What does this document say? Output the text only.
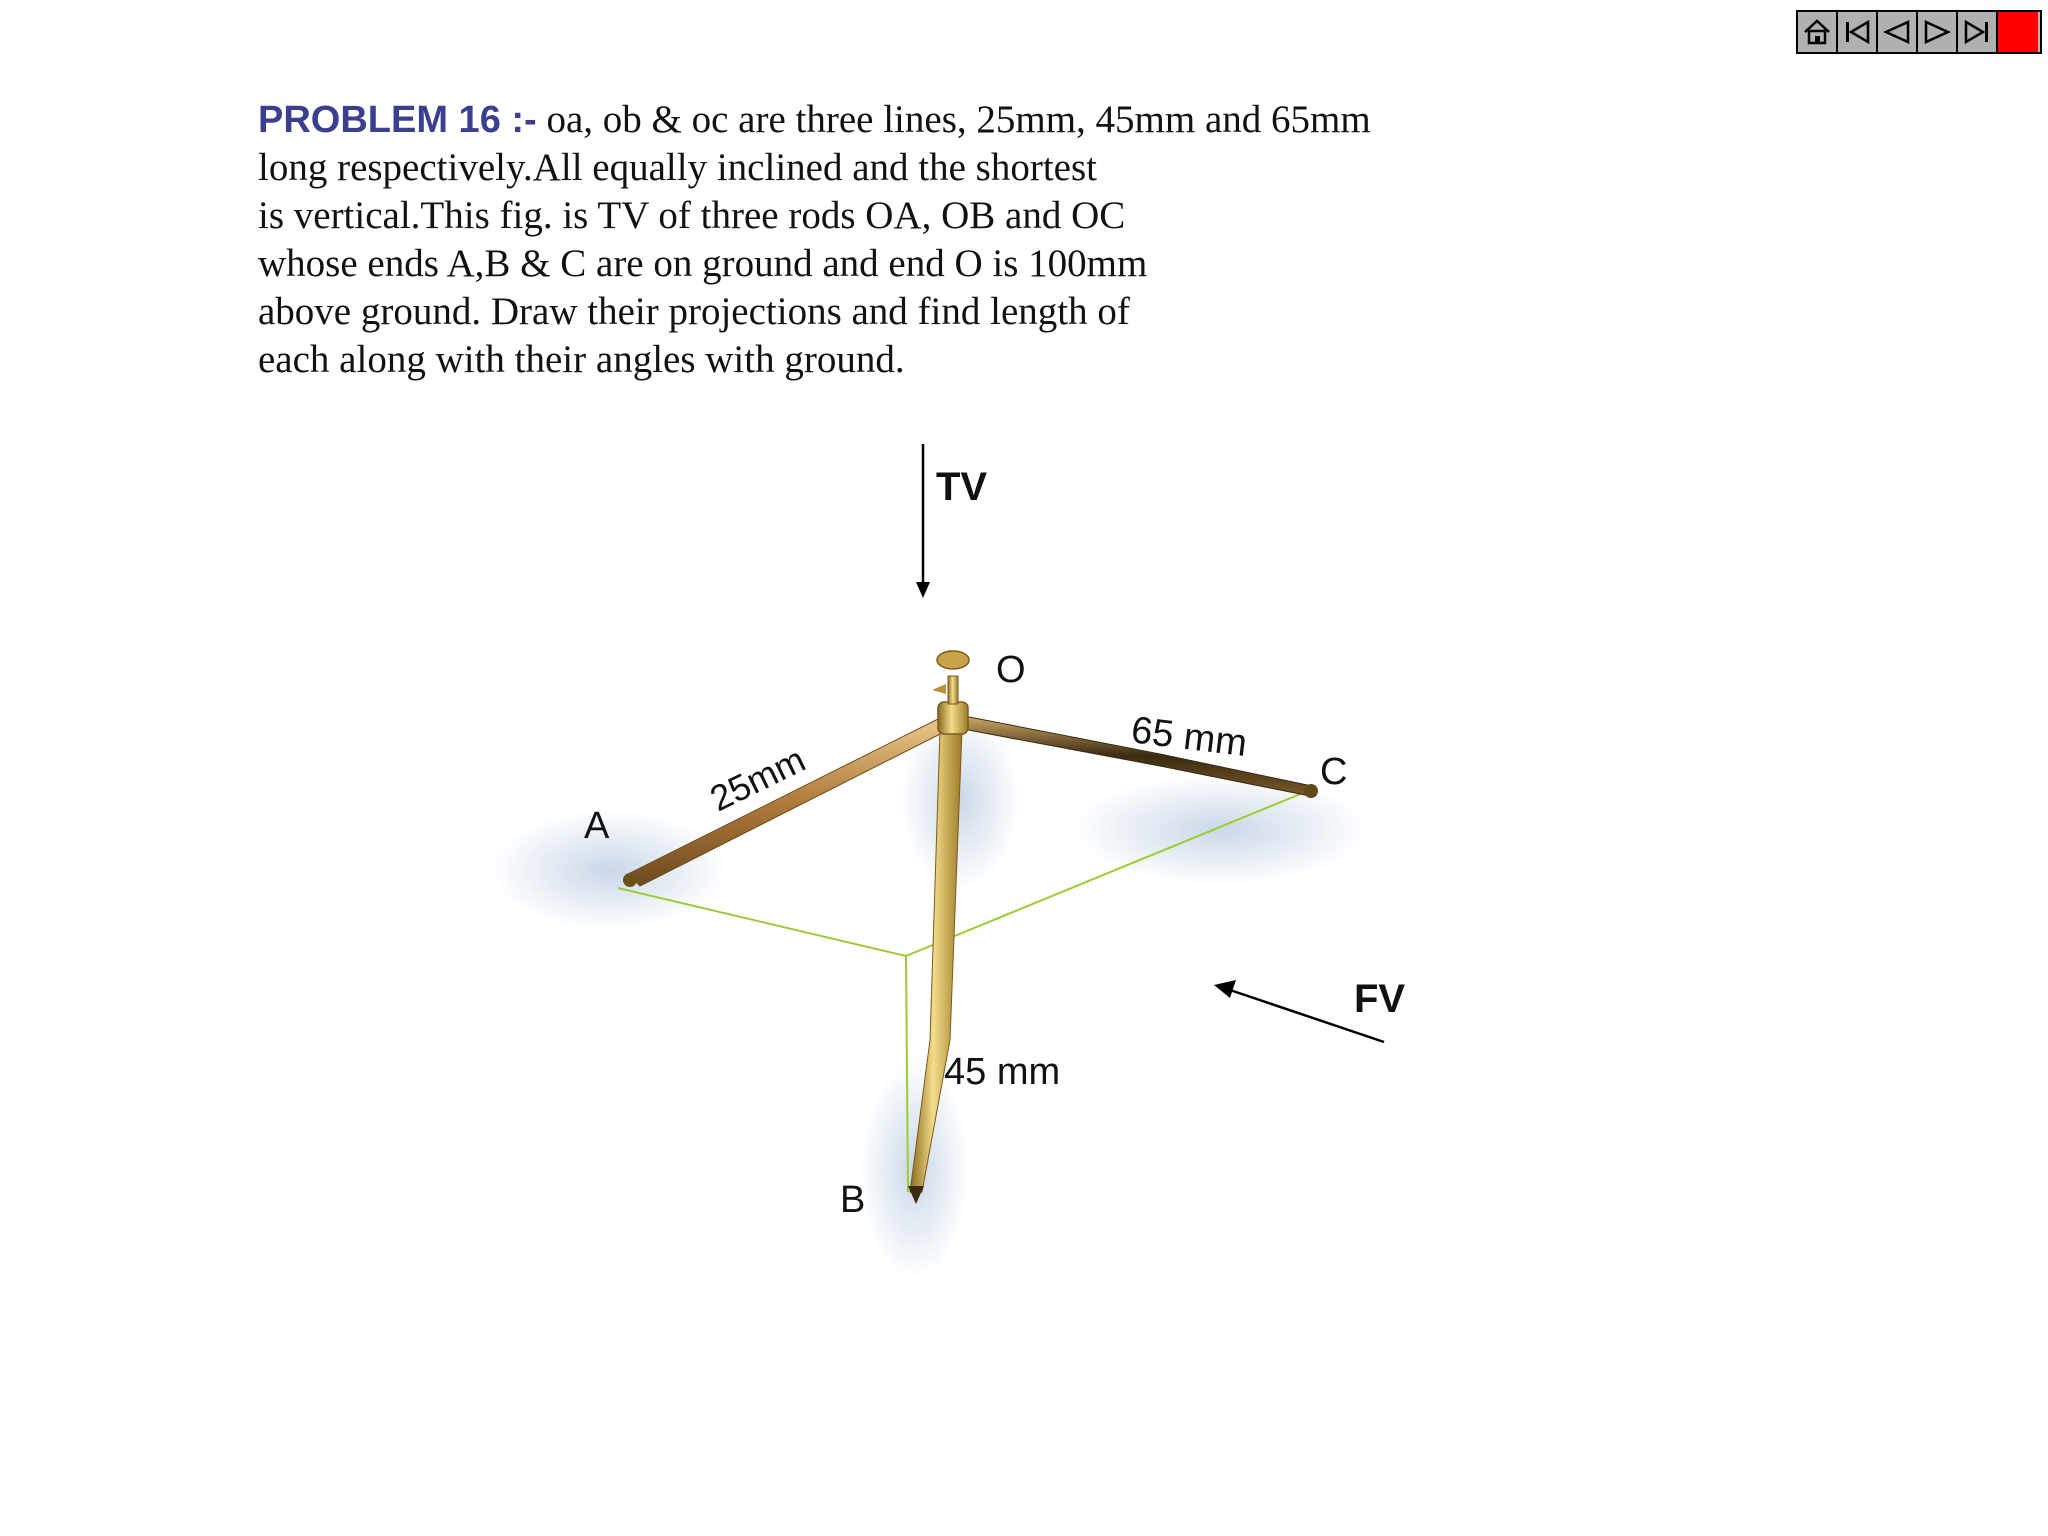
PROBLEM 16 :- oa, ob & oc are three lines, 25mm, 45mm and 65mm
long respectively.All equally inclined and the shortest
is vertical.This fig. is TV of three rods OA, OB and OC
whose ends A,B & C are on ground and end O is 100mm
above ground. Draw their projections and find length of
each along with their angles with ground.
TV
FV
O
A
B
C
25mm
45 mm
65 mm
